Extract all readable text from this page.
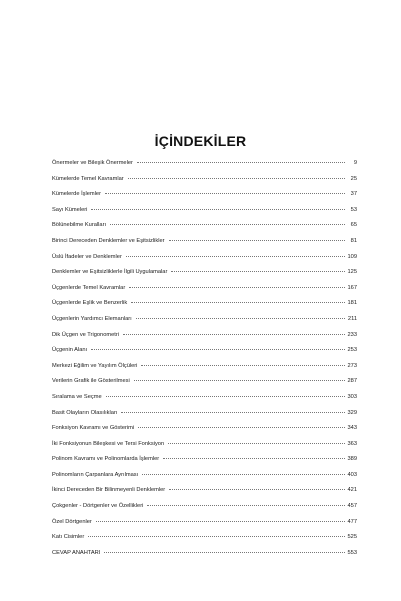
İÇİNDEKİLER
Önermeler ve Bileşik Önermeler	9
Kümelerde Temel Kavramlar	25
Kümelerde İşlemler	37
Sayı Kümeleri	53
Bölünebilme Kuralları	65
Birinci Dereceden Denklemler ve Eşitsizlikler	81
Üslü İfadeler ve Denklemler	109
Denklemler ve Eşitsizliklerle İlgili Uygulamalar	125
Üçgenlerde Temel Kavramlar	167
Üçgenlerde Eşlik ve Benzerlik	181
Üçgenlerin Yardımcı Elemanları	211
Dik Üçgen ve Trigonometri	233
Üçgenin Alanı	253
Merkezi Eğilim ve Yayılım Ölçüleri	273
Verilerin Grafik ile Gösterilmesi	287
Sıralama ve Seçme	303
Basit Olayların Olasılıkları	329
Fonksiyon Kavramı ve Gösterimi	343
İki Fonksiyonun Bileşkesi ve Tersi Fonksiyon	363
Polinom Kavramı ve Polinomlarda İşlemler	389
Polinomların Çarpanlara Ayrılması	403
İkinci Dereceden Bir Bilinmeyenli Denklemler	421
Çokgenler - Dörtgenler ve Özellikleri	457
Özel Dörtgenler	477
Katı Cisimler	525
CEVAP ANAHTARI	553
